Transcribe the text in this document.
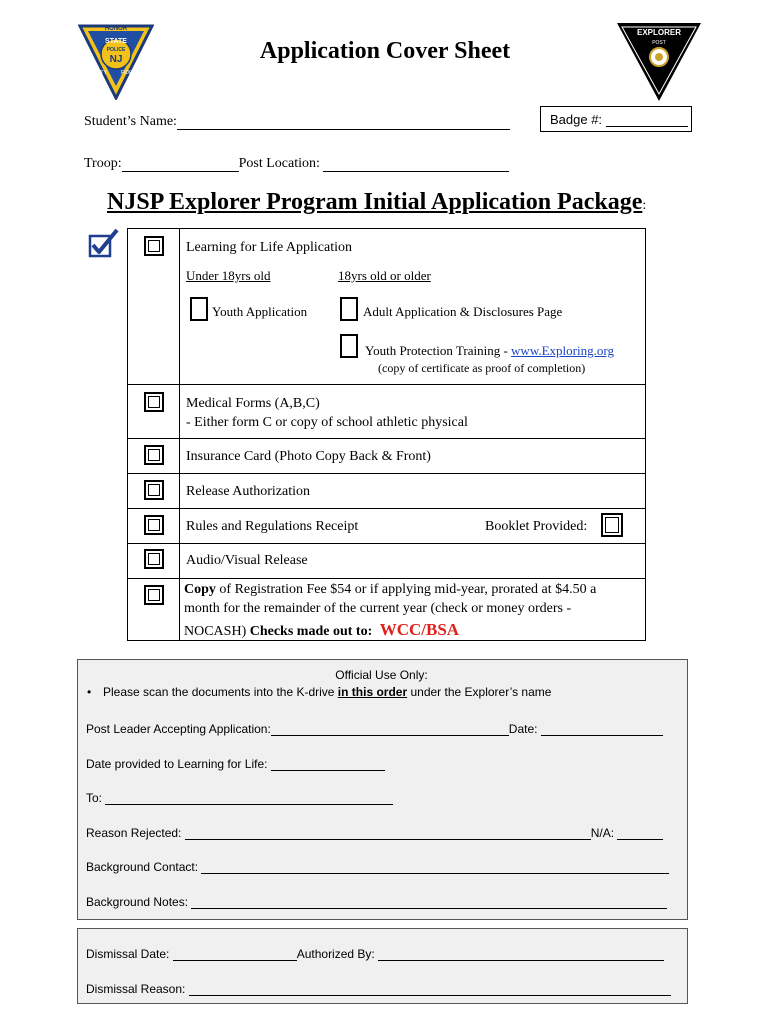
HONOR
STATE
POLICE
NJ
DUTY	FIDELITY
Application Cover Sheet
EXPLORER
POST
Badge #:
Student’s Name:
Troop:	Post Location:
NJSP Explorer Program Initial Application Package:
Learning for Life Application
Under 18yrs old	18yrs old or older
Youth Application	Adult Application & Disclosures Page
Youth Protection Training - www.Exploring.org
(copy of certificate as proof of completion)
Medical Forms (A,B,C)
- Either form C or copy of school athletic physical
Insurance Card (Photo Copy Back & Front)
Release Authorization
Rules and Regulations Receipt	Booklet Provided:
Audio/Visual Release
Copy of Registration Fee $54 or if applying mid-year, prorated at $4.50 a
month for the remainder of the current year (check or money orders -
NOCASH) Checks made out to: WCC/BSA
Official Use Only:
• Please scan the documents into the K-drive in this order under the Explorer’s name
Post Leader Accepting Application:	Date:
Date provided to Learning for Life:
To:
Reason Rejected:	N/A:
Background Contact:
Background Notes:
Dismissal Date:	Authorized By:
Dismissal Reason:
